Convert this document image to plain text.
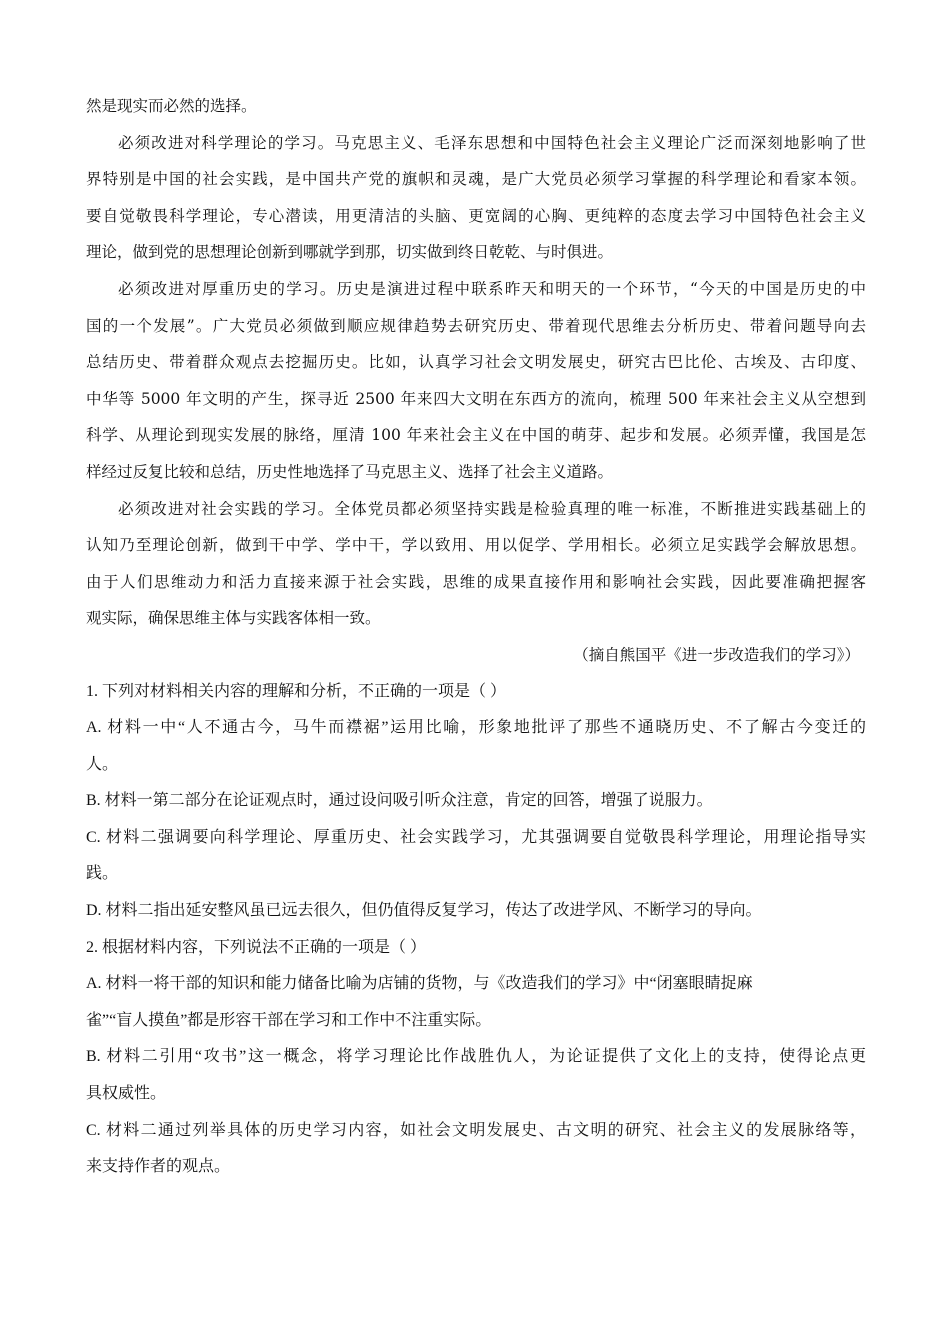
然是现实而必然的选择。
必须改进对科学理论的学习。马克思主义、毛泽东思想和中国特色社会主义理论广泛而深刻地影响了世
界特别是中国的社会实践，是中国共产党的旗帜和灵魂，是广大党员必须学习掌握的科学理论和看家本领。
要自觉敬畏科学理论，专心潜读，用更清洁的头脑、更宽阔的心胸、更纯粹的态度去学习中国特色社会主义
理论，做到党的思想理论创新到哪就学到那，切实做到终日乾乾、与时俱进。
必须改进对厚重历史的学习。历史是演进过程中联系昨天和明天的一个环节，“今天的中国是历史的中
国的一个发展”。广大党员必须做到顺应规律趋势去研究历史、带着现代思维去分析历史、带着问题导向去
总结历史、带着群众观点去挖掘历史。比如，认真学习社会文明发展史，研究古巴比伦、古埃及、古印度、
中华等 5000 年文明的产生，探寻近 2500 年来四大文明在东西方的流向，梳理 500 年来社会主义从空想到
科学、从理论到现实发展的脉络，厘清 100 年来社会主义在中国的萌芽、起步和发展。必须弄懂，我国是怎
样经过反复比较和总结，历史性地选择了马克思主义、选择了社会主义道路。
必须改进对社会实践的学习。全体党员都必须坚持实践是检验真理的唯一标准，不断推进实践基础上的
认知乃至理论创新，做到干中学、学中干，学以致用、用以促学、学用相长。必须立足实践学会解放思想。
由于人们思维动力和活力直接来源于社会实践，思维的成果直接作用和影响社会实践，因此要准确把握客
观实际，确保思维主体与实践客体相一致。
（摘自熊国平《进一步改造我们的学习》）
1. 下列对材料相关内容的理解和分析，不正确的一项是（ ）
A. 材料一中“人不通古今，马牛而襟裾”运用比喻，形象地批评了那些不通晓历史、不了解古今变迁的
人。
B. 材料一第二部分在论证观点时，通过设问吸引听众注意，肯定的回答，增强了说服力。
C. 材料二强调要向科学理论、厚重历史、社会实践学习，尤其强调要自觉敬畏科学理论，用理论指导实
践。
D. 材料二指出延安整风虽已远去很久，但仍值得反复学习，传达了改进学风、不断学习的导向。
2. 根据材料内容，下列说法不正确的一项是（ ）
A. 材料一将干部的知识和能力储备比喻为店铺的货物，与《改造我们的学习》中“闭塞眼睛捉麻
雀”“盲人摸鱼”都是形容干部在学习和工作中不注重实际。
B. 材料二引用“攻书”这一概念，将学习理论比作战胜仇人，为论证提供了文化上的支持，使得论点更
具权威性。
C. 材料二通过列举具体的历史学习内容，如社会文明发展史、古文明的研究、社会主义的发展脉络等，
来支持作者的观点。
